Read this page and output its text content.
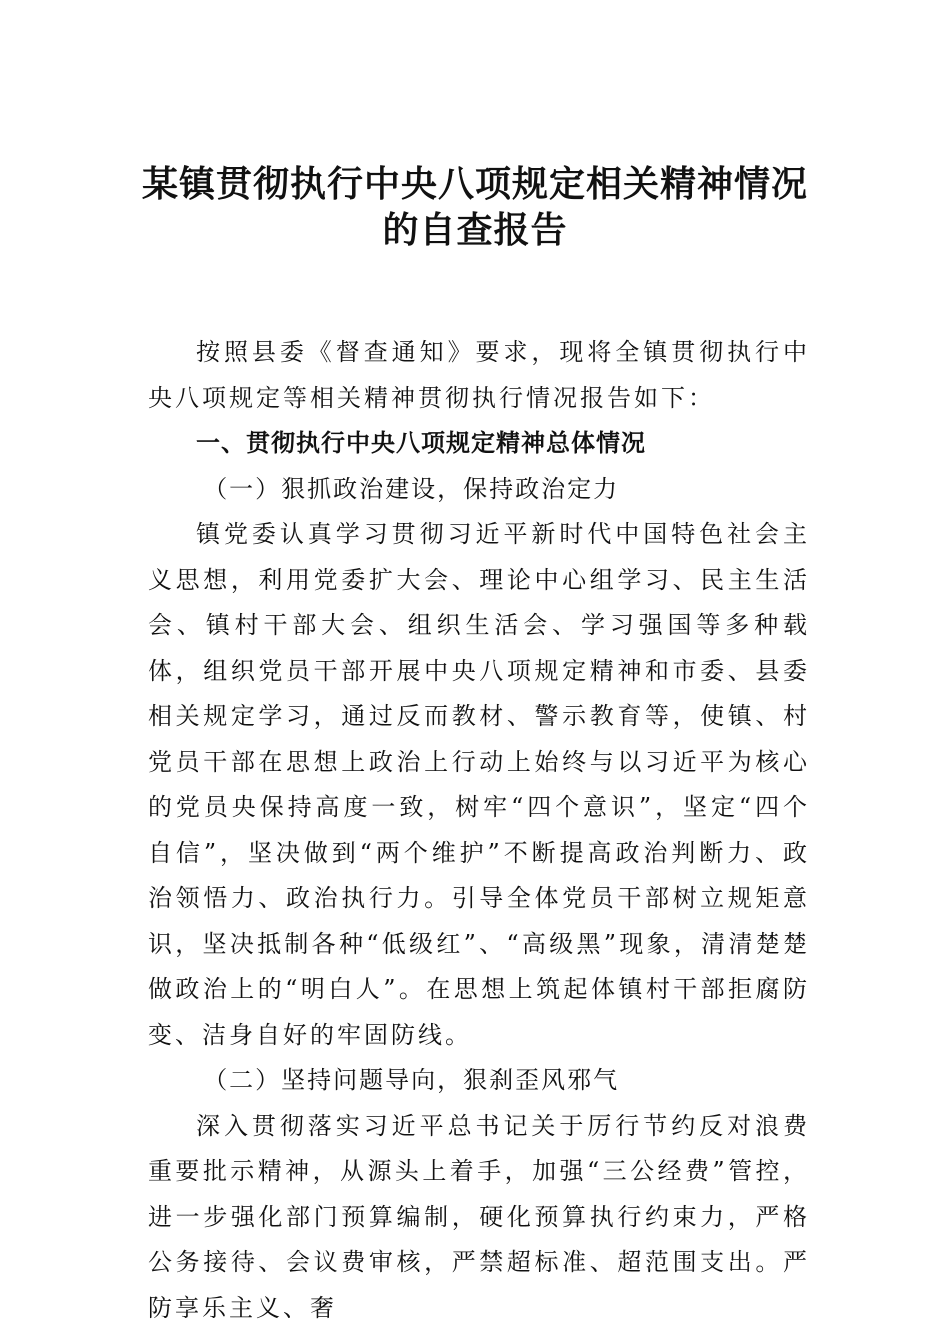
某镇贯彻执行中央八项规定相关精神情况
的自查报告

按照县委《督查通知》要求，现将全镇贯彻执行中央八项规定等相关精神贯彻执行情况报告如下：

一、贯彻执行中央八项规定精神总体情况

（一）狠抓政治建设，保持政治定力

镇党委认真学习贯彻习近平新时代中国特色社会主义思想，利用党委扩大会、理论中心组学习、民主生活会、镇村干部大会、组织生活会、学习强国等多种载体，组织党员干部开展中央八项规定精神和市委、县委相关规定学习，通过反而教材、警示教育等，使镇、村党员干部在思想上政治上行动上始终与以习近平为核心的党员央保持高度一致，树牢“四个意识”，坚定“四个自信”，坚决做到“两个维护”不断提高政治判断力、政治领悟力、政治执行力。引导全体党员干部树立规矩意识，坚决抵制各种“低级红”、“高级黑”现象，清清楚楚做政治上的“明白人”。在思想上筑起体镇村干部拒腐防变、洁身自好的牢固防线。

（二）坚持问题导向，狠刹歪风邪气

深入贯彻落实习近平总书记关于厉行节约反对浪费重要批示精神，从源头上着手，加强“三公经费”管控，进一步强化部门预算编制，硬化预算执行约束力，严格公务接待、会议费审核，严禁超标准、超范围支出。严防享乐主义、奢
